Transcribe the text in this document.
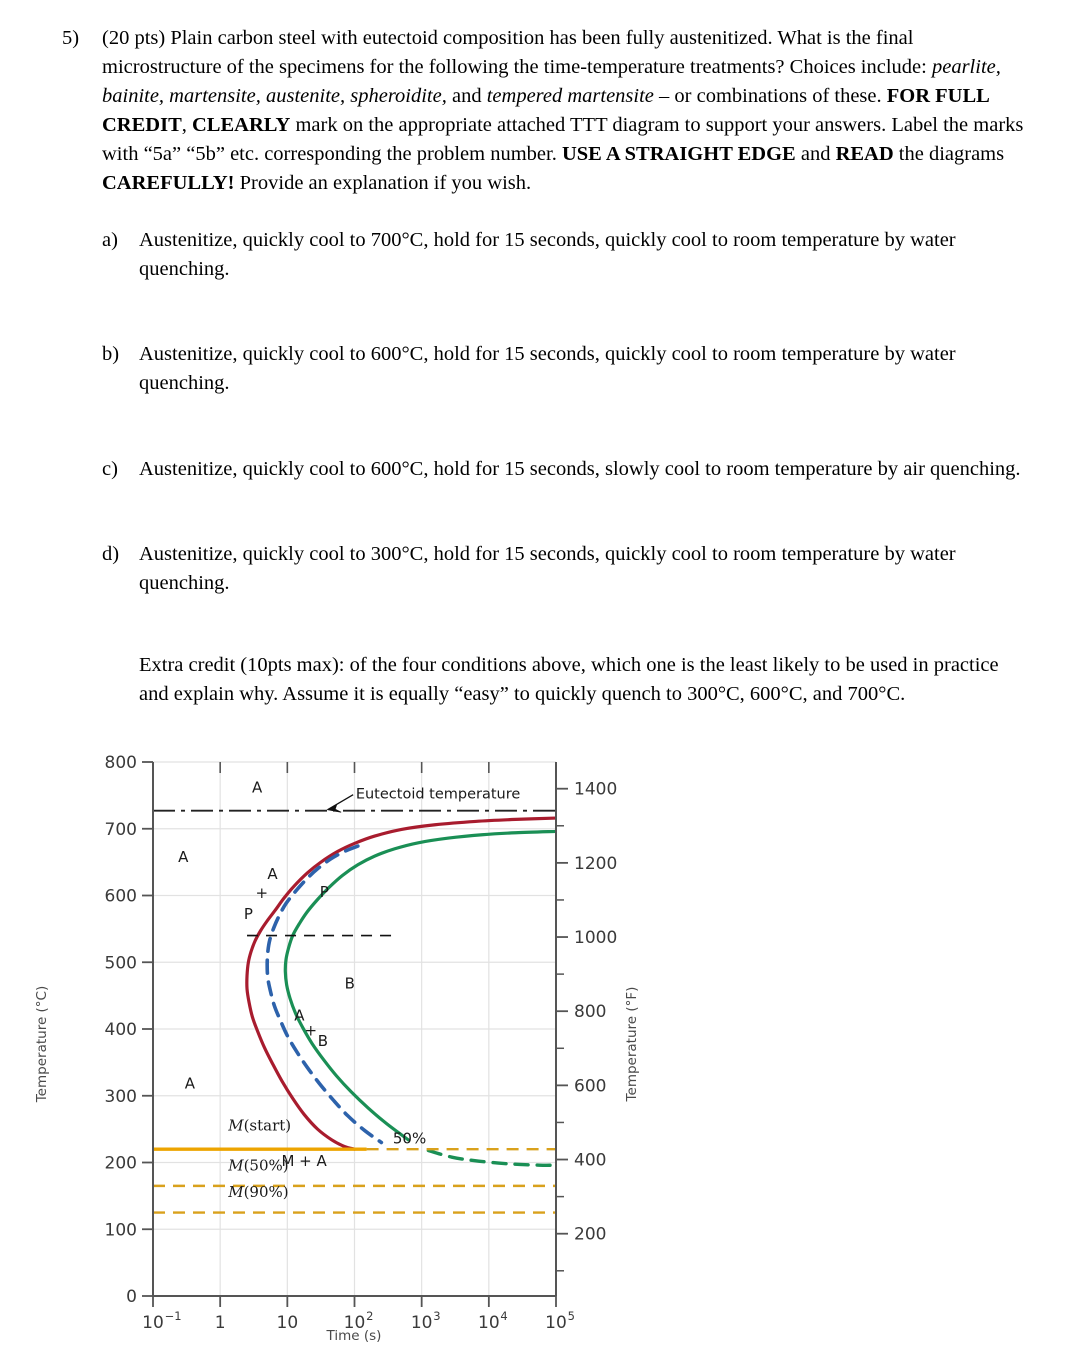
5)	(20 pts) Plain carbon steel with eutectoid composition has been fully austenitized. What is the final microstructure of the specimens for the following the time-temperature treatments? Choices include: pearlite, bainite, martensite, austenite, spheroidite, and tempered martensite – or combinations of these. FOR FULL CREDIT, CLEARLY mark on the appropriate attached TTT diagram to support your answers. Label the marks with “5a” “5b” etc. corresponding the problem number. USE A STRAIGHT EDGE and READ the diagrams CAREFULLY! Provide an explanation if you wish.
a)	Austenitize, quickly cool to 700°C, hold for 15 seconds, quickly cool to room temperature by water quenching.
b) Austenitize, quickly cool to 600°C, hold for 15 seconds, quickly cool to room temperature by water quenching.
c)	Austenitize, quickly cool to 600°C, hold for 15 seconds, slowly cool to room temperature by air quenching.
d) Austenitize, quickly cool to 300°C, hold for 15 seconds, quickly cool to room temperature by water quenching.
Extra credit (10pts max): of the four conditions above, which one is the least likely to be used in practice and explain why. Assume it is equally “easy” to quickly quench to 300°C, 600°C, and 700°C.
0
100
200
300
400
500
600
700
800
10 −1 1	10	10 2 10 3 10 4 10 5
200
400
600
800
1000
1200
1400
A
A
A
P
B
A
+
P
A
+
B
Eutectoid temperature
M(start)
M(50%)
M(90%)
M + A
50%
Temperature (°C)	Temperature (°F)
Time (s)
